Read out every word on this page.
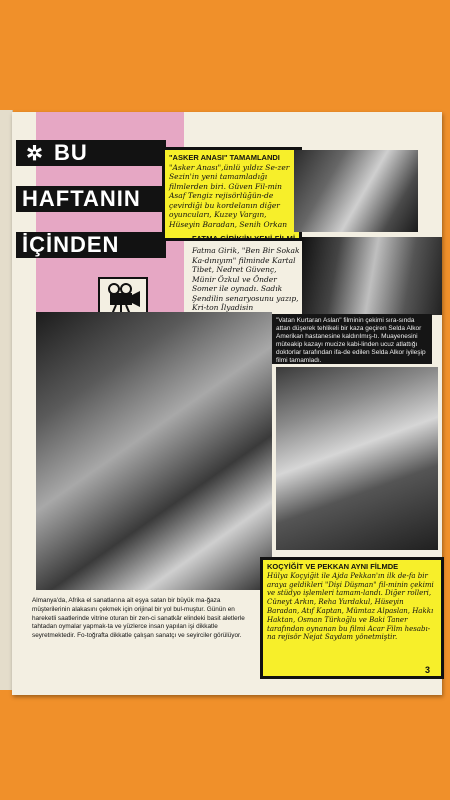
✲ BU
HAFTANIN
İÇİNDEN
"ASKER ANASI" TAMAMLANDI
"Asker Anası",ünlü yıldız Se-zer Sezin'in yeni tamamladığı filmlerden biri. Güven Fil-min Asaf Tengiz rejisörlüğün-de çevirdiği bu kordelanın diğer oyuncuları, Kuzey Vargın, Hüseyin Baradan, Senih Orkan
FATMA GİRİK'İN YENİ FİLMİ
Fatma Girik, "Ben Bir Sokak Ka-dınıyım" filminde Kartal Tibet, Nedret Güvenç, Münir Özkul ve Önder Somer ile oynadı. Sadık Şendilin senaryosunu yazıp, Kri-ton İlyadisin
"Vatan Kurtaran Aslan" filminin çekimi sıra-sında attan düşerek tehlikeli bir kaza geçiren Selda Alkor Amerikan hastanesine kaldırılmış-tı. Muayenesini müteakip kazayı mucize kabi-linden ucuz atlattığı doktorlar tarafından ifa-de edilen Selda Alkor iyileşip filmi tamamladı.
KOÇYİĞİT VE PEKKAN AYNI FİLMDE
Hülya Koçyiğit ile Ajda Pekkan'ın ilk de-fa bir araya geldikleri "Dişi Düşman" fil-minin çekimi ve stüdyo işlemleri tamam-landı. Diğer rolleri, Cüneyt Arkın, Reha Yurdakul, Hüseyin Baradan, Atıf Kaptan, Mümtaz Alpaslan, Hakkı Haktan, Osman Türkoğlu ve Baki Taner tarafından oynanan bu filmi Acar Film hesabı-na rejisör Nejat Saydam yönetmiştir.
Almanya'da, Afrika el sanatlarına ait eşya satan bir büyük ma-ğaza müşterilerinin alakasını çekmek için orijinal bir yol bul-muştur. Günün en hareketli saatlerinde vitrine oturan bir zen-ci sanatkâr elindeki basit aletlerle tahtadan oymalar yapmak-ta ve yüzlerce insan yapılan işi dikkatle seyretmektedir. Fo-toğrafta dikkatle çalışan sanatçı ve seyirciler görülüyor.
3
